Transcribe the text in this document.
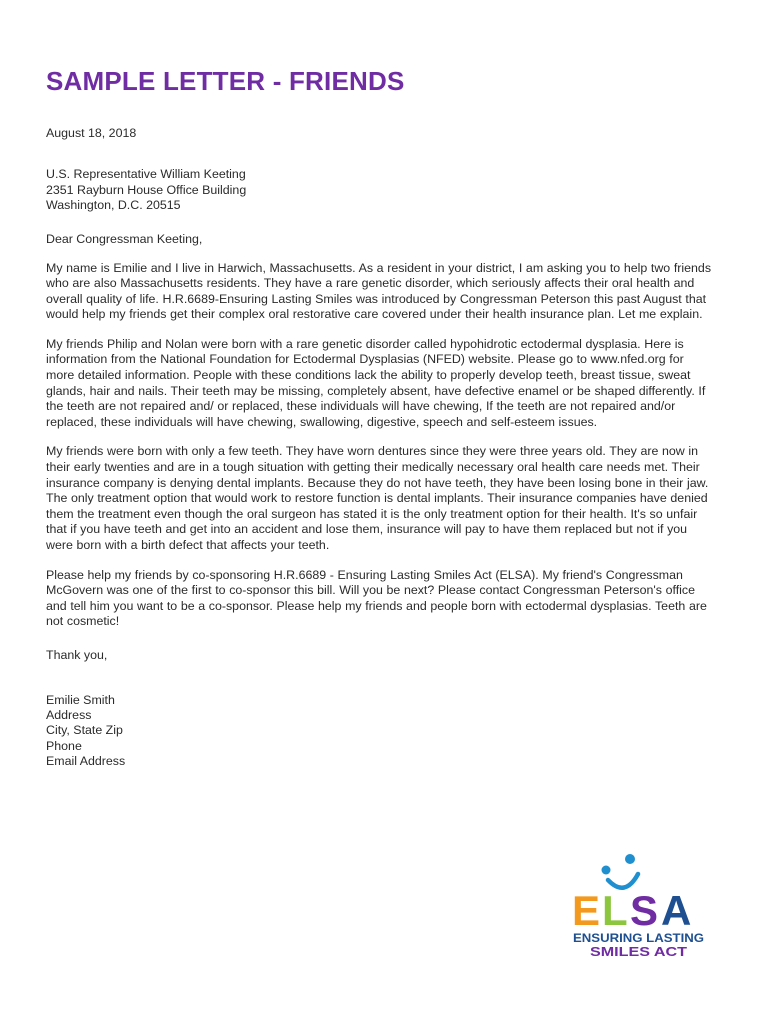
SAMPLE LETTER - FRIENDS
August 18, 2018
U.S. Representative William Keeting
2351 Rayburn House Office Building
Washington, D.C. 20515
Dear Congressman Keeting,

My name is Emilie and I live in Harwich, Massachusetts. As a resident in your district, I am asking you to help two friends who are also Massachusetts residents. They have a rare genetic disorder, which seriously affects their oral health and overall quality of life. H.R.6689-Ensuring Lasting Smiles was introduced by Congressman Peterson this past August that would help my friends get their complex oral restorative care covered under their health insurance plan. Let me explain.

My friends Philip and Nolan were born with a rare genetic disorder called hypohidrotic ectodermal dysplasia. Here is information from the National Foundation for Ectodermal Dysplasias (NFED) website. Please go to www.nfed.org for more detailed information. People with these conditions lack the ability to properly develop teeth, breast tissue, sweat glands, hair and nails. Their teeth may be missing, completely absent, have defective enamel or be shaped differently. If the teeth are not repaired and/ or replaced, these individuals will have chewing, If the teeth are not repaired and/or replaced, these individuals will have chewing, swallowing, digestive, speech and self-esteem issues.

My friends were born with only a few teeth. They have worn dentures since they were three years old. They are now in their early twenties and are in a tough situation with getting their medically necessary oral health care needs met. Their insurance company is denying dental implants. Because they do not have teeth, they have been losing bone in their jaw. The only treatment option that would work to restore function is dental implants. Their insurance companies have denied them the treatment even though the oral surgeon has stated it is the only treatment option for their health. It's so unfair that if you have teeth and get into an accident and lose them, insurance will pay to have them replaced but not if you were born with a birth defect that affects your teeth.

Please help my friends by co-sponsoring H.R.6689 - Ensuring Lasting Smiles Act (ELSA). My friend's Congressman McGovern was one of the first to co-sponsor this bill. Will you be next? Please contact Congressman Peterson's office and tell him you want to be a co-sponsor. Please help my friends and people born with ectodermal dysplasias. Teeth are not cosmetic!

Thank you,
Emilie Smith
Address
City, State Zip
Phone
Email Address
E L S A
ENSURING LASTING
SMILES ACT
